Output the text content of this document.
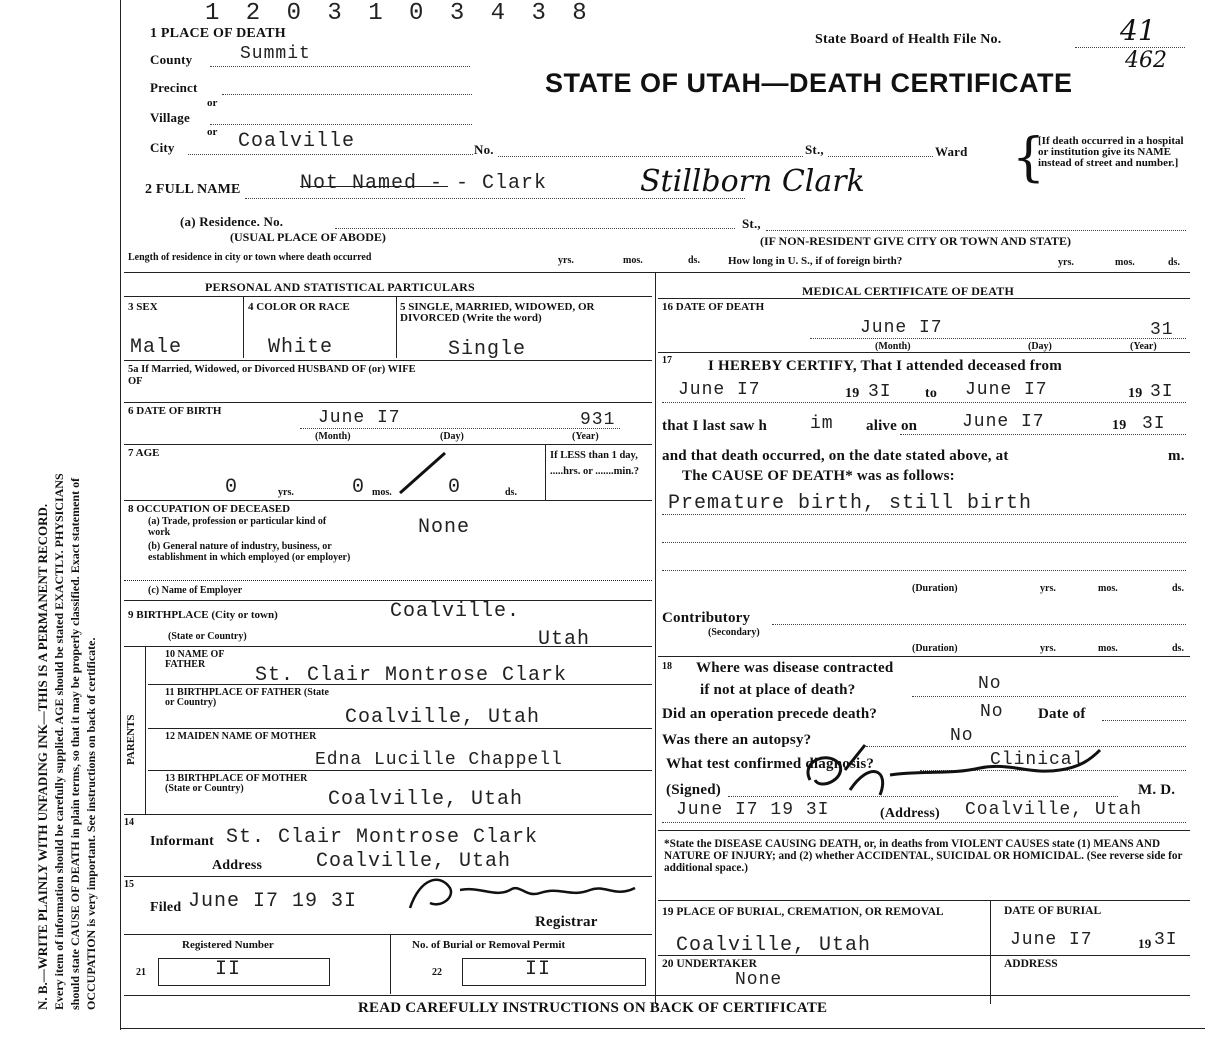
N. B.—WRITE PLAINLY WITH UNFADING INK—THIS IS A PERMANENT RECORD. Every item of information should be carefully supplied. AGE should be stated EXACTLY. PHYSICIANS should state CAUSE OF DEATH in plain terms, so that it may be properly classified. Exact statement of OCCUPATION is very important. See instructions on back of certificate.
1 2 0 3 1 0 3 4 3 8
1 PLACE OF DEATH	State Board of Health File No.	41
462
STATE OF UTAH—DEATH CERTIFICATE
County	Summit
Precinct
or
Village
or
City	Coalville	No.	St.,	Ward {
[If death occurred in a hospital or institution give its NAME instead of street and number.]
2 FULL NAME	Not Named - - Clark	Stillborn Clark
(a) Residence. No.	St.,
(USUAL PLACE OF ABODE)	(IF NON-RESIDENT GIVE CITY OR TOWN AND STATE)
Length of residence in city or town where death occurred	yrs.	mos.	ds.	How long in U. S., if of foreign birth?	yrs.	mos.	ds.
PERSONAL AND STATISTICAL PARTICULARS	MEDICAL CERTIFICATE OF DEATH
3 SEX	4 COLOR OR RACE	5 SINGLE, MARRIED, WIDOWED, OR DIVORCED (Write the word)
Male	White	Single
5a If Married, Widowed, or Divorced HUSBAND OF (or) WIFE OF
6 DATE OF BIRTH	June I7	931
(Month)	(Day)	(Year)
7 AGE	If LESS than 1 day, .....hrs. or .......min.?
0	yrs.	0 mos.	0	ds.
8 OCCUPATION OF DECEASED
(a) Trade, profession or particular kind of work
(b) General nature of industry, business, or establishment in which employed (or employer)
None
(c) Name of Employer
9 BIRTHPLACE (City or town)	Coalville.
(State or Country)	Utah
PARENTS
10 NAME OF FATHER	St. Clair Montrose Clark
11 BIRTHPLACE OF FATHER (State or Country)
Coalville, Utah
12 MAIDEN NAME OF MOTHER
Edna Lucille Chappell
13 BIRTHPLACE OF MOTHER (State or Country)	Coalville, Utah
14
Informant St. Clair Montrose Clark
Address	Coalville, Utah
15
Filed June I7 19 3I
Registrar
Registered Number	No. of Burial or Removal Permit
21	II	22	II
16 DATE OF DEATH
June I7	31
(Month)	(Day)	(Year)
17 I HEREBY CERTIFY, That I attended deceased from
June I7	19 3I to June I7	19 3I
that I last saw h im alive on June I7	19 3I
and that death occurred, on the date stated above, at	m.
The CAUSE OF DEATH* was as follows:
Premature birth, still birth
(Duration)	yrs.	mos.	ds.
Contributory
(Secondary)
(Duration)	yrs.	mos.	ds.
18 Where was disease contracted
if not at place of death?	No
Did an operation precede death?	No Date of
Was there an autopsy?	No
What test confirmed diagnosis?	Clinical
(Signed)	M. D.
June I7 19 3I	(Address) Coalville, Utah
*State the DISEASE CAUSING DEATH, or, in deaths from VIOLENT CAUSES state (1) MEANS AND NATURE OF INJURY; and (2) whether ACCIDENTAL, SUICIDAL OR HOMICIDAL. (See reverse side for additional space.)
19 PLACE OF BURIAL, CREMATION, OR REMOVAL	DATE OF BURIAL
Coalville, Utah	June I7	19 3I
20 UNDERTAKER	ADDRESS
None
READ CAREFULLY INSTRUCTIONS ON BACK OF CERTIFICATE
